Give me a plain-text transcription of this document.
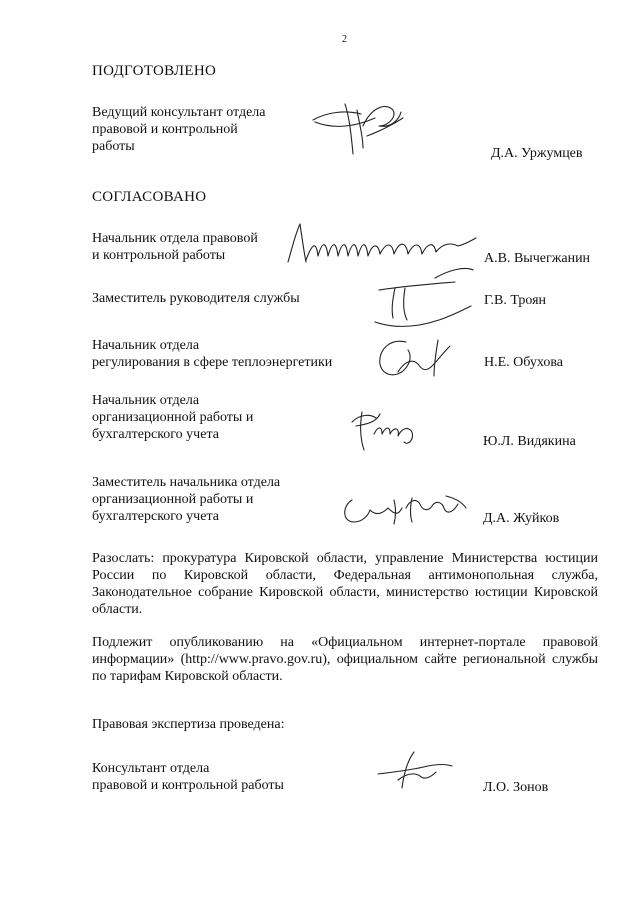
2
ПОДГОТОВЛЕНО
Ведущий консультант отдела
правовой и контрольной
работы	Д.А. Уржумцев
СОГЛАСОВАНО
Начальник отдела правовой
и контрольной работы	А.В. Вычегжанин
Заместитель руководителя службы	Г.В. Троян
Начальник отдела
регулирования в сфере теплоэнергетики	Н.Е. Обухова
Начальник отдела
организационной работы и
бухгалтерского учета	Ю.Л. Видякина
Заместитель начальника отдела
организационной работы и
бухгалтерского учета	Д.А. Жуйков
Разослать: прокуратура Кировской области, управление Министерства юстиции России по Кировской области, Федеральная антимонопольная служба, Законодательное собрание Кировской области, министерство юстиции Кировской области.
Подлежит опубликованию на «Официальном интернет-портале правовой информации» (http://www.pravo.gov.ru), официальном сайте региональной службы по тарифам Кировской области.
Правовая экспертиза проведена:
Консультант отдела
правовой и контрольной работы	Л.О. Зонов
